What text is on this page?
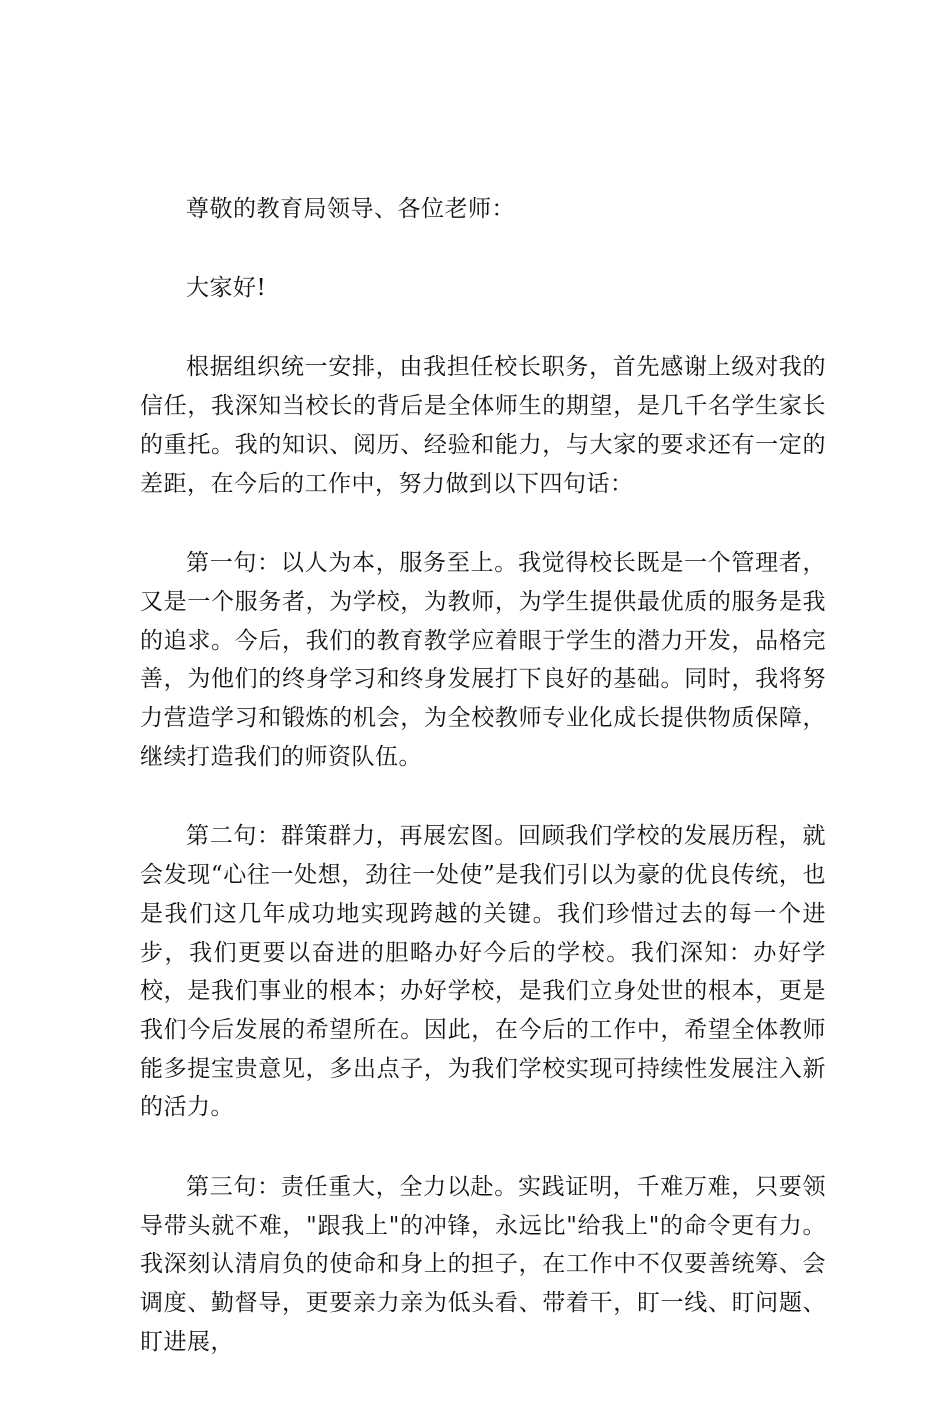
尊敬的教育局领导、各位老师：

大家好!

根据组织统一安排，由我担任校长职务，首先感谢上级对我的信任，我深知当校长的背后是全体师生的期望，是几千名学生家长的重托。我的知识、阅历、经验和能力，与大家的要求还有一定的差距，在今后的工作中，努力做到以下四句话：

第一句：以人为本，服务至上。我觉得校长既是一个管理者，又是一个服务者，为学校，为教师，为学生提供最优质的服务是我的追求。今后，我们的教育教学应着眼于学生的潜力开发，品格完善，为他们的终身学习和终身发展打下良好的基础。同时，我将努力营造学习和锻炼的机会，为全校教师专业化成长提供物质保障，继续打造我们的师资队伍。

第二句：群策群力，再展宏图。回顾我们学校的发展历程，就会发现“心往一处想，劲往一处使”是我们引以为豪的优良传统，也是我们这几年成功地实现跨越的关键。我们珍惜过去的每一个进步，我们更要以奋进的胆略办好今后的学校。我们深知：办好学校，是我们事业的根本；办好学校，是我们立身处世的根本，更是我们今后发展的希望所在。因此，在今后的工作中，希望全体教师能多提宝贵意见，多出点子，为我们学校实现可持续性发展注入新的活力。

第三句：责任重大，全力以赴。实践证明，千难万难，只要领导带头就不难，"跟我上"的冲锋，永远比"给我上"的命令更有力。我深刻认清肩负的使命和身上的担子，在工作中不仅要善统筹、会调度、勤督导，更要亲力亲为低头看、带着干，盯一线、盯问题、盯进展，
